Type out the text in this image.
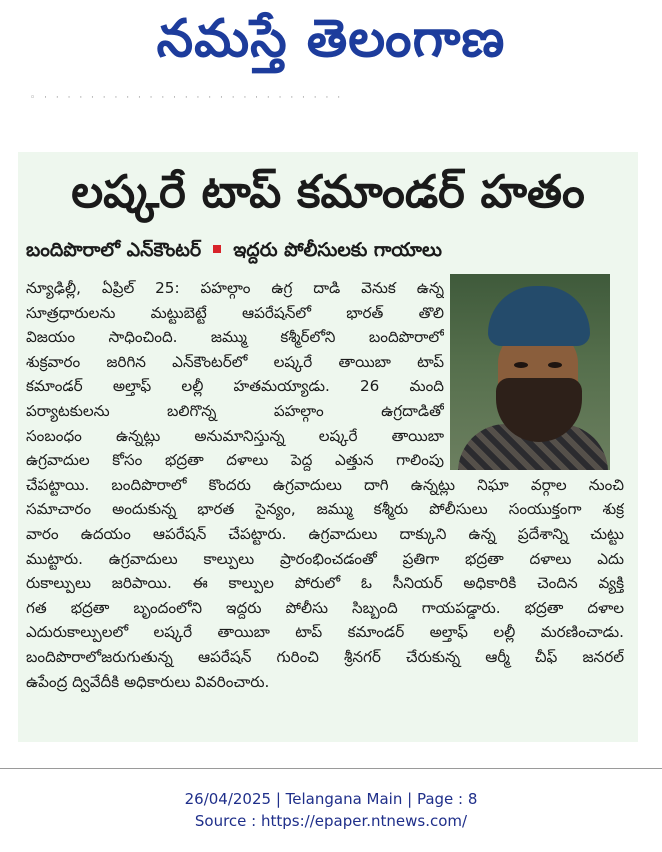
నమస్తే తెలంగాణ
◦ · · · · · · · · · · · · · · · · · · · · · · · · · ·
లష్కరే టాప్ కమాండర్ హతం
బందిపొరాలో ఎన్‌కౌంటర్ ఇద్దరు పోలీసులకు గాయాలు
న్యూఢిల్లీ, ఏప్రిల్ 25: పహల్గాం ఉగ్ర దాడి వెనుక ఉన్న
సూత్రధారులను మట్టుబెట్టే ఆపరేషన్‌లో భారత్ తొలి
విజయం సాధించింది. జమ్ము కశ్మీర్‌లోని బందిపొరాలో
శుక్రవారం జరిగిన ఎన్‌కౌంటర్‌లో లష్కరే తాయిబా టాప్
కమాండర్ అల్తాఫ్ లల్లీ హతమయ్యాడు. 26 మంది
పర్యాటకులను బలిగొన్న పహల్గాం ఉగ్రదాడితో
సంబంధం ఉన్నట్లు అనుమానిస్తున్న లష్కరే తాయిబా
ఉగ్రవాదుల కోసం భద్రతా దళాలు పెద్ద ఎత్తున గాలింపు
చేపట్టాయి. బందిపొరాలో కొందరు ఉగ్రవాదులు దాగి ఉన్నట్లు నిఘా వర్గాల నుంచి
సమాచారం అందుకున్న భారత సైన్యం, జమ్ము కశ్మీరు పోలీసులు సంయుక్తంగా శుక్ర
వారం ఉదయం ఆపరేషన్ చేపట్టారు. ఉగ్రవాదులు దాక్కుని ఉన్న ప్రదేశాన్ని చుట్టు
ముట్టారు. ఉగ్రవాదులు కాల్పులు ప్రారంభించడంతో ప్రతిగా భద్రతా దళాలు ఎదు
రుకాల్పులు జరిపాయి. ఈ కాల్పుల పోరులో ఓ సీనియర్ అధికారికి చెందిన వ్యక్తి
గత భద్రతా బృందంలోని ఇద్దరు పోలీసు సిబ్బంది గాయపడ్డారు. భద్రతా దళాల
ఎదురుకాల్పులలో లష్కరే తాయిబా టాప్ కమాండర్ అల్తాఫ్ లల్లీ మరణించాడు.
బందిపొరాలోజరుగుతున్న ఆపరేషన్ గురించి శ్రీనగర్ చేరుకున్న ఆర్మీ చీఫ్ జనరల్
ఉపేంద్ర ద్వివేదీకి అధికారులు వివరించారు.
26/04/2025 | Telangana Main | Page : 8
Source : https://epaper.ntnews.com/
